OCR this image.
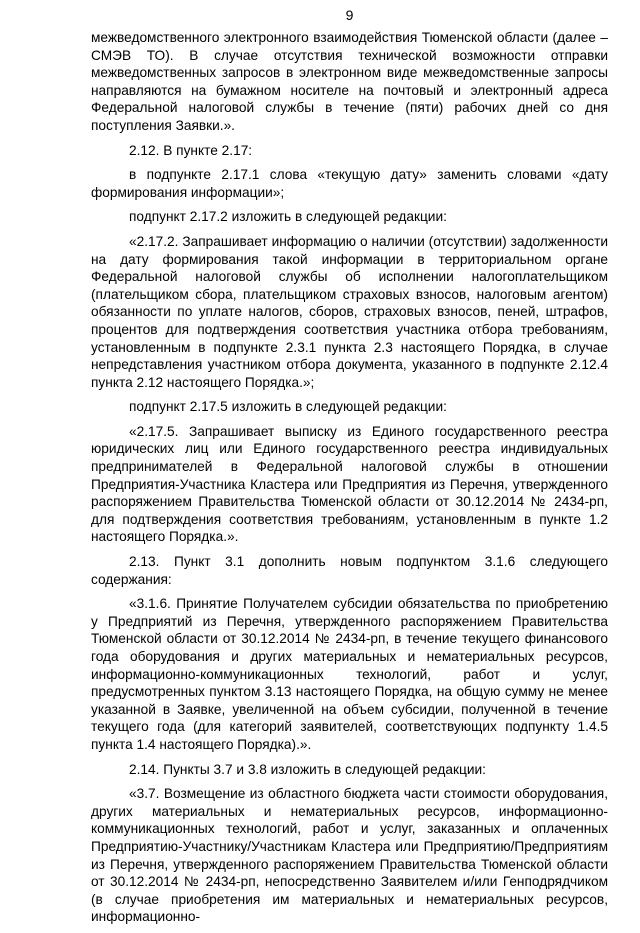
9

межведомственного электронного взаимодействия Тюменской области (далее – СМЭВ ТО). В случае отсутствия технической возможности отправки межведомственных запросов в электронном виде межведомственные запросы направляются на бумажном носителе на почтовый и электронный адреса Федеральной налоговой службы в течение (пяти) рабочих дней со дня поступления Заявки.».

2.12. В пункте 2.17:

в подпункте 2.17.1 слова «текущую дату» заменить словами «дату формирования информации»;

подпункт 2.17.2 изложить в следующей редакции:

«2.17.2. Запрашивает информацию о наличии (отсутствии) задолженности на дату формирования такой информации в территориальном органе Федеральной налоговой службы об исполнении налогоплательщиком (плательщиком сбора, плательщиком страховых взносов, налоговым агентом) обязанности по уплате налогов, сборов, страховых взносов, пеней, штрафов, процентов для подтверждения соответствия участника отбора требованиям, установленным в подпункте 2.3.1 пункта 2.3 настоящего Порядка, в случае непредставления участником отбора документа, указанного в подпункте 2.12.4 пункта 2.12 настоящего Порядка.»;

подпункт 2.17.5 изложить в следующей редакции:

«2.17.5. Запрашивает выписку из Единого государственного реестра юридических лиц или Единого государственного реестра индивидуальных предпринимателей в Федеральной налоговой службы в отношении Предприятия-Участника Кластера или Предприятия из Перечня, утвержденного распоряжением Правительства Тюменской области от 30.12.2014 № 2434-рп, для подтверждения соответствия требованиям, установленным в пункте 1.2 настоящего Порядка.».

2.13. Пункт 3.1 дополнить новым подпунктом 3.1.6 следующего содержания:

«3.1.6. Принятие Получателем субсидии обязательства по приобретению у Предприятий из Перечня, утвержденного распоряжением Правительства Тюменской области от 30.12.2014 № 2434-рп, в течение текущего финансового года оборудования и других материальных и нематериальных ресурсов, информационно-коммуникационных технологий, работ и услуг, предусмотренных пунктом 3.13 настоящего Порядка, на общую сумму не менее указанной в Заявке, увеличенной на объем субсидии, полученной в течение текущего года (для категорий заявителей, соответствующих подпункту 1.4.5 пункта 1.4 настоящего Порядка).».

2.14. Пункты 3.7 и 3.8 изложить в следующей редакции:

«3.7. Возмещение из областного бюджета части стоимости оборудования, других материальных и нематериальных ресурсов, информационно-коммуникационных технологий, работ и услуг, заказанных и оплаченных Предприятию-Участнику/Участникам Кластера или Предприятию/Предприятиям из Перечня, утвержденного распоряжением Правительства Тюменской области от 30.12.2014 № 2434-рп, непосредственно Заявителем и/или Генподрядчиком (в случае приобретения им материальных и нематериальных ресурсов, информационно-
